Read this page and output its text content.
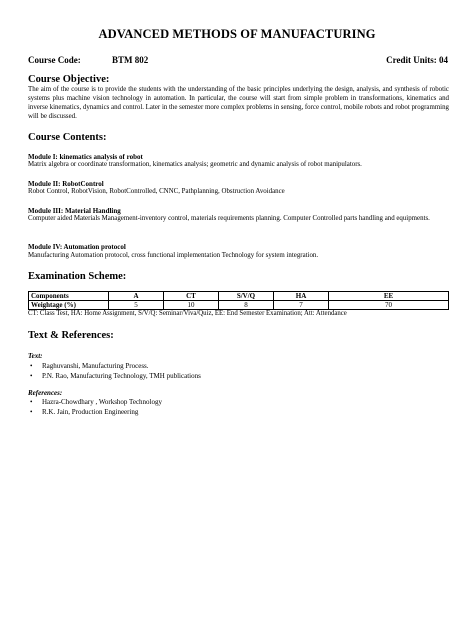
ADVANCED METHODS OF MANUFACTURING
Course Code:	BTM 802	Credit Units: 04
Course Objective:
The aim of the course is to provide the students with the understanding of the basic principles underlying the design, analysis, and synthesis of robotic systems plus machine vision technology in automation. In particular, the course will start from simple problem in transformations, kinematics and inverse kinematics, dynamics and control. Later in the semester more complex problems in sensing, force control, mobile robots and robot programming will be discussed.
Course Contents:
Module I: kinematics analysis of robot
Matrix algebra or coordinate transformation, kinematics analysis; geometric and dynamic analysis of robot manipulators.
Module II: RobotControl
Robot Control, RobotVision, RobotControlled, CNNC, Pathplanning, Obstruction Avoidance
Module III: Material Handling
Computer aided Materials Management-inventory control, materials requirements planning. Computer Controlled parts handling and equipments.
Module IV: Automation protocol
Manufacturing Automation protocol, cross functional implementation Technology for system integration.
Examination Scheme:
Components	A	CT	S/V/Q	HA	EE
Weightage (%)	5	10	8	7	70
CT: Class Test, HA: Home Assignment, S/V/Q: Seminar/Viva/Quiz, EE: End Semester Examination; Att: Attendance
Text & References:
Text:
• Raghuvanshi, Manufacturing Process.
• P.N. Rao, Manufacturing Technology, TMH publications
References:
• Hazra-Chowdhary , Workshop Technology
• R.K. Jain, Production Engineering
